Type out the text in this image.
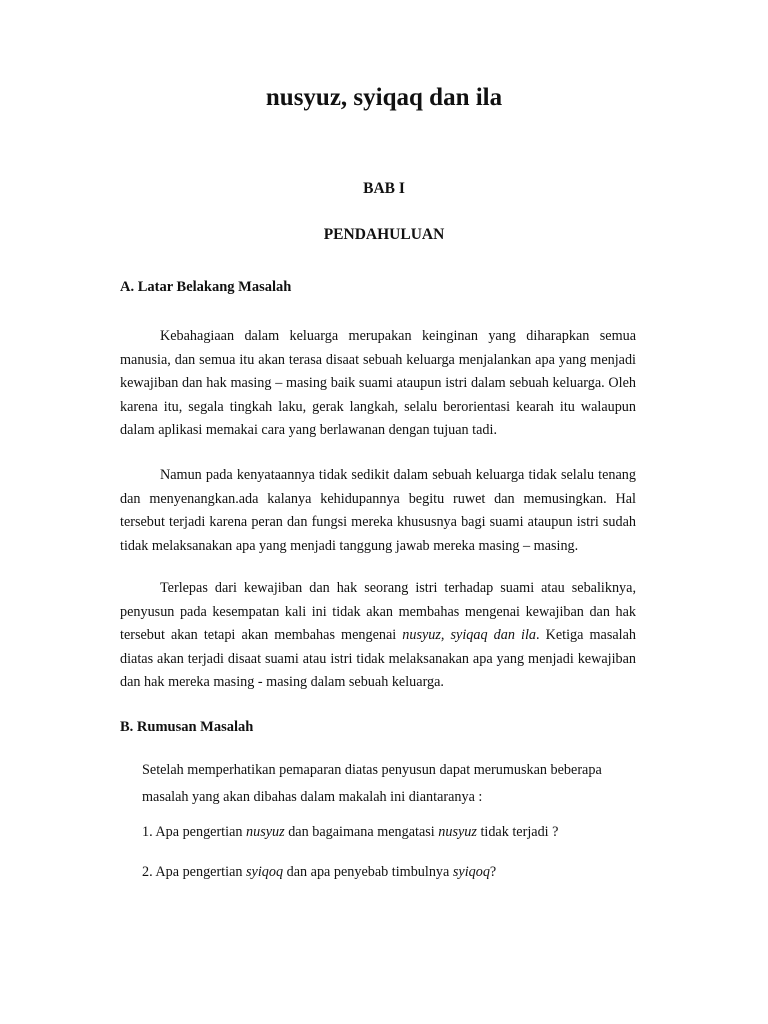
nusyuz, syiqaq dan ila

BAB I

PENDAHULUAN

A. Latar Belakang Masalah

Kebahagiaan dalam keluarga merupakan keinginan yang diharapkan semua manusia, dan semua itu akan terasa disaat sebuah keluarga menjalankan apa yang menjadi kewajiban dan hak masing – masing baik suami ataupun istri dalam sebuah keluarga. Oleh karena itu, segala tingkah laku, gerak langkah, selalu berorientasi kearah itu walaupun dalam aplikasi memakai cara yang berlawanan dengan tujuan tadi.

Namun pada kenyataannya tidak sedikit dalam sebuah keluarga tidak selalu tenang dan menyenangkan.ada kalanya kehidupannya begitu ruwet dan memusingkan. Hal tersebut terjadi karena peran dan fungsi mereka khususnya bagi suami ataupun istri sudah tidak melaksanakan apa yang menjadi tanggung jawab mereka masing – masing.

Terlepas dari kewajiban dan hak seorang istri terhadap suami atau sebaliknya, penyusun pada kesempatan kali ini tidak akan membahas mengenai kewajiban dan hak tersebut akan tetapi akan membahas mengenai nusyuz, syiqaq dan ila. Ketiga masalah diatas akan terjadi disaat suami atau istri tidak melaksanakan apa yang menjadi kewajiban dan hak mereka masing - masing dalam sebuah keluarga.

B. Rumusan Masalah

Setelah memperhatikan pemaparan diatas penyusun dapat merumuskan beberapa masalah yang akan dibahas dalam makalah ini diantaranya :

1. Apa pengertian nusyuz dan bagaimana mengatasi nusyuz tidak terjadi ?

2. Apa pengertian syiqoq dan apa penyebab timbulnya syiqoq?
